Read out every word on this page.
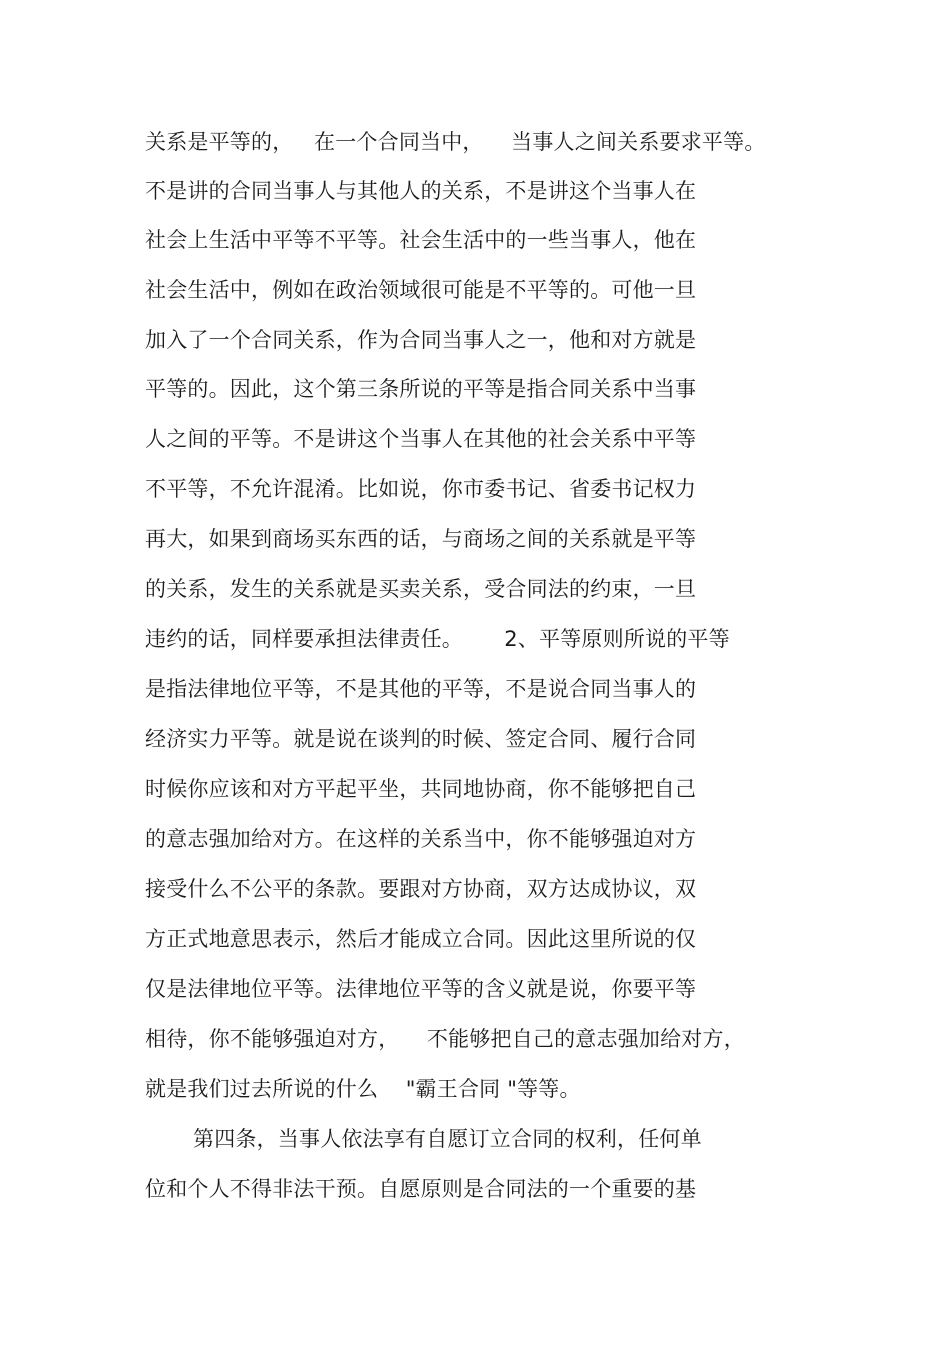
关系是平等的，   在一个合同当中，    当事人之间关系要求平等。
不是讲的合同当事人与其他人的关系，不是讲这个当事人在
社会上生活中平等不平等。社会生活中的一些当事人，他在
社会生活中，例如在政治领域很可能是不平等的。可他一旦
加入了一个合同关系，作为合同当事人之一，他和对方就是
平等的。因此，这个第三条所说的平等是指合同关系中当事
人之间的平等。不是讲这个当事人在其他的社会关系中平等
不平等，不允许混淆。比如说，你市委书记、省委书记权力
再大，如果到商场买东西的话，与商场之间的关系就是平等
的关系，发生的关系就是买卖关系，受合同法的约束，一旦
违约的话，同样要承担法律责任。      2、平等原则所说的平等
是指法律地位平等，不是其他的平等，不是说合同当事人的
经济实力平等。就是说在谈判的时候、签定合同、履行合同
时候你应该和对方平起平坐，共同地协商，你不能够把自己
的意志强加给对方。在这样的关系当中，你不能够强迫对方
接受什么不公平的条款。要跟对方协商，双方达成协议，双
方正式地意思表示，然后才能成立合同。因此这里所说的仅
仅是法律地位平等。法律地位平等的含义就是说，你要平等
相待，你不能够强迫对方，    不能够把自己的意志强加给对方，
就是我们过去所说的什么    "霸王合同 "等等。
第四条，当事人依法享有自愿订立合同的权利，任何单
位和个人不得非法干预。自愿原则是合同法的一个重要的基
